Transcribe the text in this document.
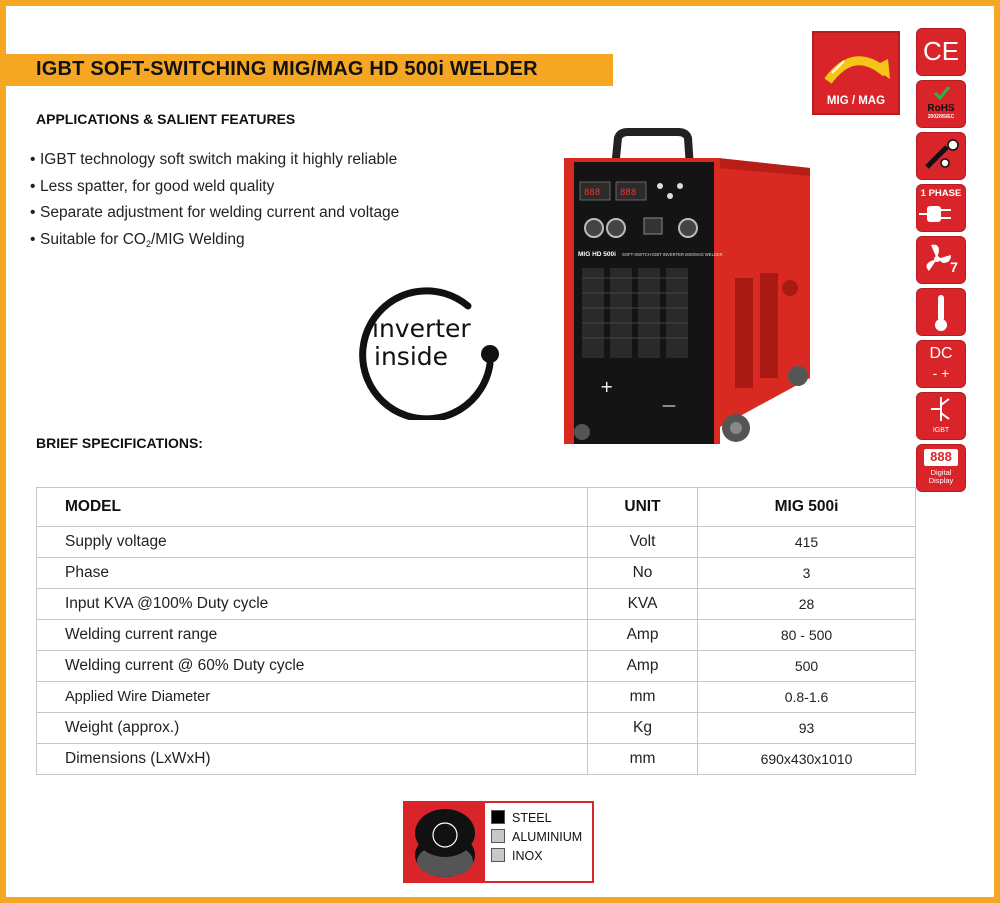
IGBT SOFT-SWITCHING MIG/MAG HD 500i WELDER
APPLICATIONS & SALIENT FEATURES
• IGBT technology soft switch making it highly reliable
• Less spatter, for good weld quality
• Separate adjustment for welding current and voltage
• Suitable for $CO_2$/MIG Welding
inverter
inside
888 888
MIG HD 500i SOFT-SWITCH IGBT INVERTER MIG/MAG WELDER
+
—
MIG / MAG
CE
RoHS
2002/95/EC
1 PHASE
7
DC
- +
IGBT
888
Digital
Display
BRIEF SPECIFICATIONS:
MODEL	UNIT	MIG 500i
Supply voltage	Volt	415
Phase	No	3
Input KVA @100% Duty cycle	KVA	28
Welding current range	Amp	80 - 500
Welding current @ 60% Duty cycle	Amp	500
Applied Wire Diameter	mm	0.8-1.6
Weight (approx.)	Kg	93
Dimensions (LxWxH)	mm	690x430x1010
STEEL
ALUMINIUM
INOX
